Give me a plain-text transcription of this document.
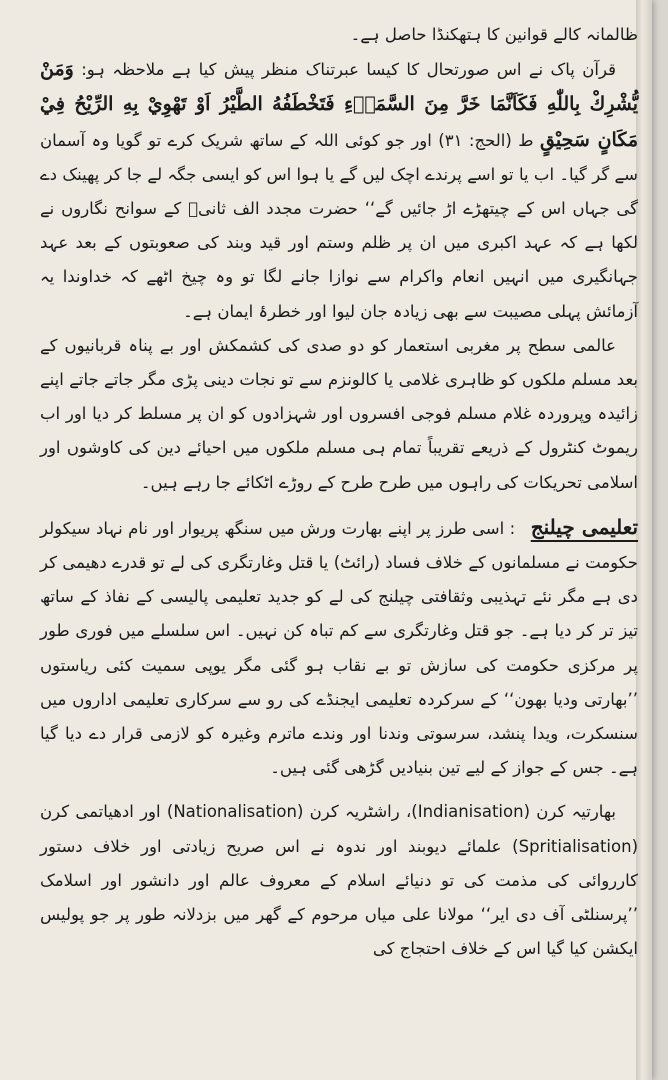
ظالمانہ کالے قوانین کا ہتھکنڈا حاصل ہے۔

قرآن پاک نے اس صورتحال کا کیسا عبرتناک منظر پیش کیا ہے ملاحظہ ہو: وَمَنْ يُّشْرِكْ بِاللّٰهِ فَكَاَنَّمَا خَرَّ مِنَ السَّمَاۗءِ فَتَخْطَفُهُ الطَّيْرُ اَوْ تَهْوِيْ بِهِ الرِّيْحُ فِيْ مَكَانٍ سَحِيْقٍ ط (الحج: ۳۱) اور جو کوئی اللہ کے ساتھ شریک کرے تو گویا وہ آسمان سے گر گیا۔ اب یا تو اسے پرندے اچک لیں گے یا ہوا اس کو ایسی جگہ لے جا کر پھینک دے گی جہاں اس کے چیتھڑے اڑ جائیں گے‘‘ حضرت مجدد الف ثانیؒ کے سوانح نگاروں نے لکھا ہے کہ عہد اکبری میں ان پر ظلم وستم اور قید وبند کی صعوبتوں کے بعد عہد جہانگیری میں انہیں انعام واکرام سے نوازا جانے لگا تو وہ چیخ اٹھے کہ خداوندا یہ آزمائش پہلی مصیبت سے بھی زیادہ جان لیوا اور خطرۂ ایمان ہے۔

عالمی سطح پر مغربی استعمار کو دو صدی کی کشمکش اور بے پناہ قربانیوں کے بعد مسلم ملکوں کو ظاہری غلامی یا کالونزم سے تو نجات دینی پڑی مگر جاتے جاتے اپنے زائیدہ وپروردہ غلام مسلم فوجی افسروں اور شہزادوں کو ان پر مسلط کر دیا اور اب ریموٹ کنٹرول کے ذریعے تقریباً تمام ہی مسلم ملکوں میں احیائے دین کی کاوشوں اور اسلامی تحریکات کی راہوں میں طرح طرح کے روڑے اٹکائے جا رہے ہیں۔

تعلیمی چیلنج : اسی طرز پر اپنے بھارت ورش میں سنگھ پریوار اور نام نہاد سیکولر حکومت نے مسلمانوں کے خلاف فساد (رائٹ) یا قتل وغارتگری کی لے تو قدرے دھیمی کر دی ہے مگر نئے تہذیبی وثقافتی چیلنج کی لے کو جدید تعلیمی پالیسی کے نفاذ کے ساتھ تیز تر کر دیا ہے۔ جو قتل وغارتگری سے کم تباہ کن نہیں۔ اس سلسلے میں فوری طور پر مرکزی حکومت کی سازش تو بے نقاب ہو گئی مگر یوپی سمیت کئی ریاستوں ’’بھارتی ودیا بھون‘‘ کے سرکردہ تعلیمی ایجنڈے کی رو سے سرکاری تعلیمی اداروں میں سنسکرت، ویدا پنشد، سرسوتی وندنا اور وندے ماترم وغیرہ کو لازمی قرار دے دیا گیا ہے۔ جس کے جواز کے لیے تین بنیادیں گڑھی گئی ہیں۔

بھارتیہ کرن (Indianisation)، راشٹریہ کرن (Nationalisation) اور ادھیاتمی کرن (Spritialisation) علمائے دیوبند اور ندوہ نے اس صریح زیادتی اور خلاف دستور کارروائی کی مذمت کی تو دنیائے اسلام کے معروف عالم اور دانشور اور اسلامک ’’پرسنلٹی آف دی ایر‘‘ مولانا علی میاں مرحوم کے گھر میں بزدلانہ طور پر جو پولیس ایکشن کیا گیا اس کے خلاف احتجاج کی
